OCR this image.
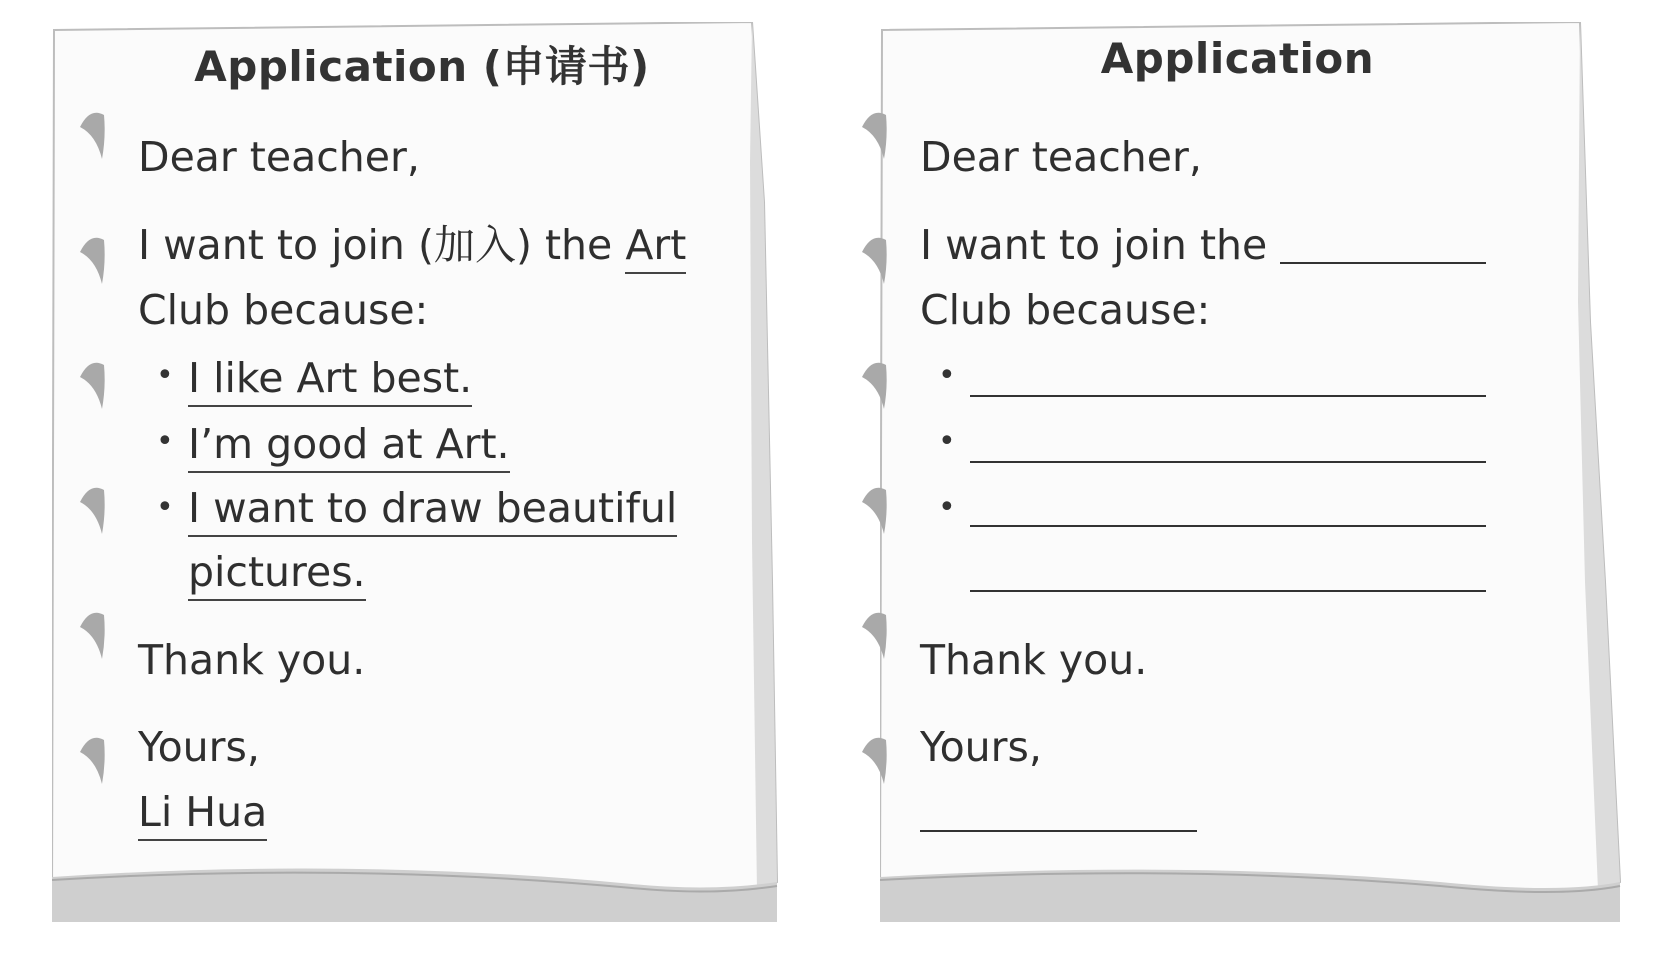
Application (申请书)
Dear teacher,
I want to join (加入) the Art
Club because:
• I like Art best.
• I’m good at Art.
• I want to draw beautiful
pictures.
Thank you.
Yours,
Li Hua
Application
Dear teacher,
I want to join the
Club because:
•
•
•
Thank you.
Yours,
